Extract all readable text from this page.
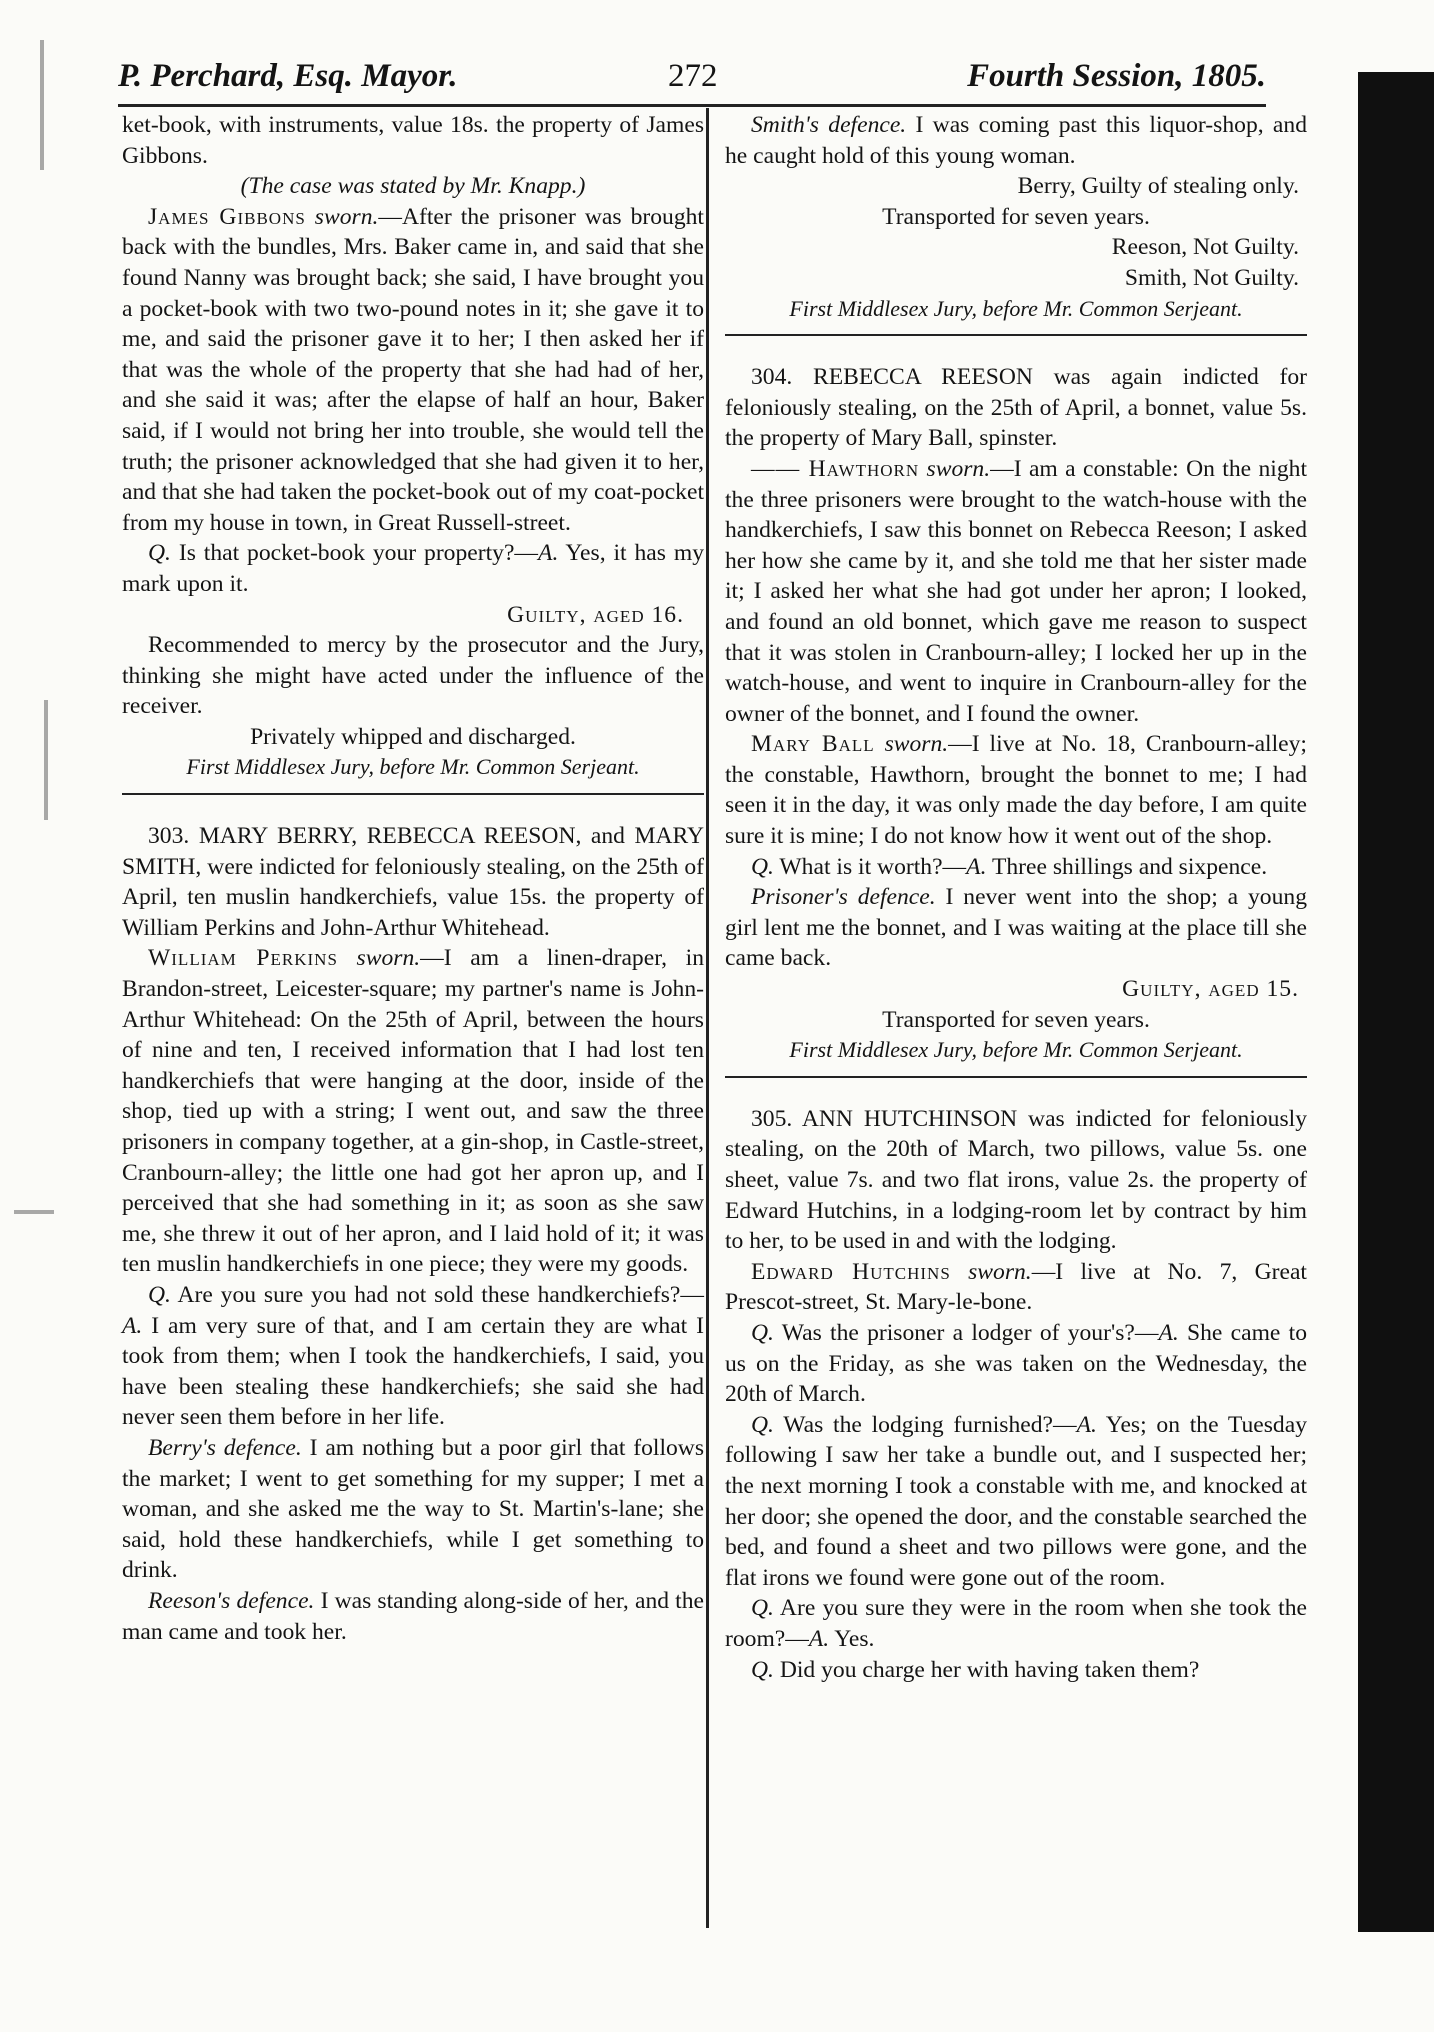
P. Perchard, Esq. Mayor.	272	Fourth Session, 1805.

ket-book, with instruments, value 18s. the property of James Gibbons.

(The case was stated by Mr. Knapp.)

James Gibbons sworn.—After the prisoner was brought back with the bundles, Mrs. Baker came in, and said that she found Nanny was brought back; she said, I have brought you a pocket-book with two two-pound notes in it; she gave it to me, and said the prisoner gave it to her; I then asked her if that was the whole of the property that she had had of her, and she said it was; after the elapse of half an hour, Baker said, if I would not bring her into trouble, she would tell the truth; the prisoner acknowledged that she had given it to her, and that she had taken the pocket-book out of my coat-pocket from my house in town, in Great Russell-street.

Q. Is that pocket-book your property?—A. Yes, it has my mark upon it.

Guilty, aged 16.

Recommended to mercy by the prosecutor and the Jury, thinking she might have acted under the influence of the receiver.

Privately whipped and discharged.

First Middlesex Jury, before Mr. Common Serjeant.

303. MARY BERRY, REBECCA REESON, and MARY SMITH, were indicted for feloniously stealing, on the 25th of April, ten muslin handkerchiefs, value 15s. the property of William Perkins and John-Arthur Whitehead.

William Perkins sworn.—I am a linen-draper, in Brandon-street, Leicester-square; my partner's name is John-Arthur Whitehead: On the 25th of April, between the hours of nine and ten, I received information that I had lost ten handkerchiefs that were hanging at the door, inside of the shop, tied up with a string; I went out, and saw the three prisoners in company together, at a gin-shop, in Castle-street, Cranbourn-alley; the little one had got her apron up, and I perceived that she had something in it; as soon as she saw me, she threw it out of her apron, and I laid hold of it; it was ten muslin handkerchiefs in one piece; they were my goods.

Q. Are you sure you had not sold these handkerchiefs?—A. I am very sure of that, and I am certain they are what I took from them; when I took the handkerchiefs, I said, you have been stealing these handkerchiefs; she said she had never seen them before in her life.

Berry's defence. I am nothing but a poor girl that follows the market; I went to get something for my supper; I met a woman, and she asked me the way to St. Martin's-lane; she said, hold these handkerchiefs, while I get something to drink.

Reeson's defence. I was standing along-side of her, and the man came and took her.

Smith's defence. I was coming past this liquor-shop, and he caught hold of this young woman.

Berry, Guilty of stealing only.

Transported for seven years.

Reeson, Not Guilty.

Smith, Not Guilty.

First Middlesex Jury, before Mr. Common Serjeant.

304. REBECCA REESON was again indicted for feloniously stealing, on the 25th of April, a bonnet, value 5s. the property of Mary Ball, spinster.

—— Hawthorn sworn.—I am a constable: On the night the three prisoners were brought to the watch-house with the handkerchiefs, I saw this bonnet on Rebecca Reeson; I asked her how she came by it, and she told me that her sister made it; I asked her what she had got under her apron; I looked, and found an old bonnet, which gave me reason to suspect that it was stolen in Cranbourn-alley; I locked her up in the watch-house, and went to inquire in Cranbourn-alley for the owner of the bonnet, and I found the owner.

Mary Ball sworn.—I live at No. 18, Cranbourn-alley; the constable, Hawthorn, brought the bonnet to me; I had seen it in the day, it was only made the day before, I am quite sure it is mine; I do not know how it went out of the shop.

Q. What is it worth?—A. Three shillings and sixpence.

Prisoner's defence. I never went into the shop; a young girl lent me the bonnet, and I was waiting at the place till she came back.

Guilty, aged 15.

Transported for seven years.

First Middlesex Jury, before Mr. Common Serjeant.

305. ANN HUTCHINSON was indicted for feloniously stealing, on the 20th of March, two pillows, value 5s. one sheet, value 7s. and two flat irons, value 2s. the property of Edward Hutchins, in a lodging-room let by contract by him to her, to be used in and with the lodging.

Edward Hutchins sworn.—I live at No. 7, Great Prescot-street, St. Mary-le-bone.

Q. Was the prisoner a lodger of your's?—A. She came to us on the Friday, as she was taken on the Wednesday, the 20th of March.

Q. Was the lodging furnished?—A. Yes; on the Tuesday following I saw her take a bundle out, and I suspected her; the next morning I took a constable with me, and knocked at her door; she opened the door, and the constable searched the bed, and found a sheet and two pillows were gone, and the flat irons we found were gone out of the room.

Q. Are you sure they were in the room when she took the room?—A. Yes.

Q. Did you charge her with having taken them?
